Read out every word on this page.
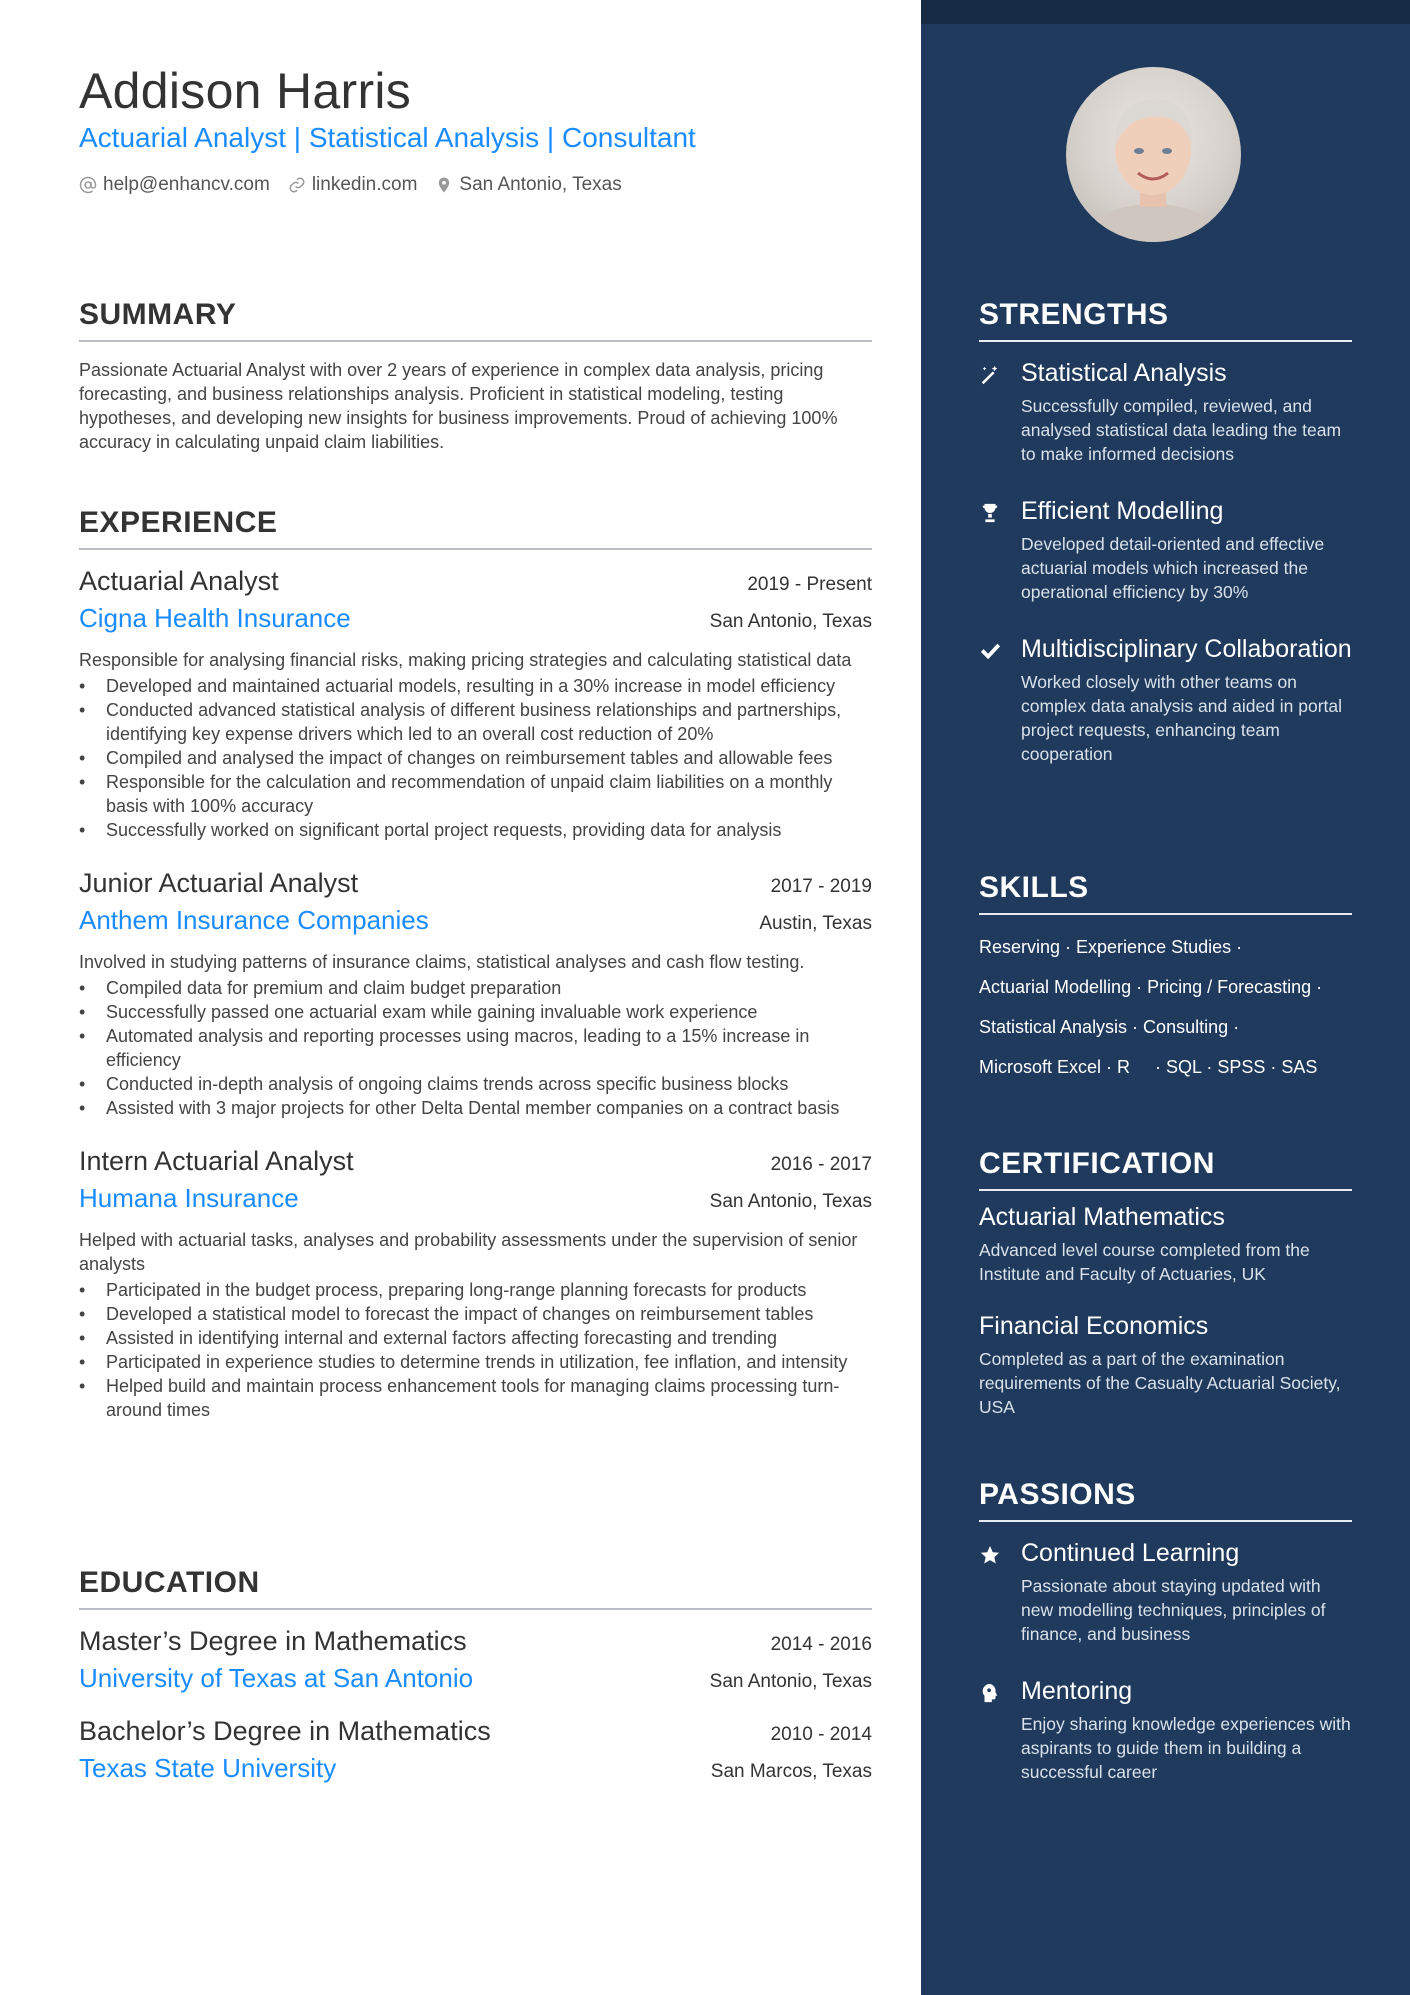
Addison Harris
Actuarial Analyst | Statistical Analysis | Consultant
help@enhancv.com linkedin.com San Antonio, Texas
SUMMARY

Passionate Actuarial Analyst with over 2 years of experience in complex data analysis, pricing forecasting, and business relationships analysis. Proficient in statistical modeling, testing hypotheses, and developing new insights for business improvements. Proud of achieving 100% accuracy in calculating unpaid claim liabilities.

EXPERIENCE
Actuarial Analyst	2019 - Present
Cigna Health Insurance	San Antonio, Texas

Responsible for analysing financial risks, making pricing strategies and calculating statistical data

• Developed and maintained actuarial models, resulting in a 30% increase in model efficiency
• Conducted advanced statistical analysis of different business relationships and partnerships, identifying key expense drivers which led to an overall cost reduction of 20%
• Compiled and analysed the impact of changes on reimbursement tables and allowable fees
• Responsible for the calculation and recommendation of unpaid claim liabilities on a monthly basis with 100% accuracy
• Successfully worked on significant portal project requests, providing data for analysis
Junior Actuarial Analyst	2017 - 2019
Anthem Insurance Companies	Austin, Texas

Involved in studying patterns of insurance claims, statistical analyses and cash flow testing.

• Compiled data for premium and claim budget preparation
• Successfully passed one actuarial exam while gaining invaluable work experience
• Automated analysis and reporting processes using macros, leading to a 15% increase in efficiency
• Conducted in-depth analysis of ongoing claims trends across specific business blocks
• Assisted with 3 major projects for other Delta Dental member companies on a contract basis
Intern Actuarial Analyst	2016 - 2017
Humana Insurance	San Antonio, Texas

Helped with actuarial tasks, analyses and probability assessments under the supervision of senior analysts

• Participated in the budget process, preparing long-range planning forecasts for products
• Developed a statistical model to forecast the impact of changes on reimbursement tables
• Assisted in identifying internal and external factors affecting forecasting and trending
• Participated in experience studies to determine trends in utilization, fee inflation, and intensity
• Helped build and maintain process enhancement tools for managing claims processing turn-around times
EDUCATION
Master’s Degree in Mathematics	2014 - 2016
University of Texas at San Antonio	San Antonio, Texas
Bachelor’s Degree in Mathematics	2010 - 2014
Texas State University	San Marcos, Texas
STRENGTHS
Statistical Analysis
Successfully compiled, reviewed, and analysed statistical data leading the team to make informed decisions
Efficient Modelling
Developed detail-oriented and effective actuarial models which increased the operational efficiency by 30%
Multidisciplinary Collaboration
Worked closely with other teams on complex data analysis and aided in portal project requests, enhancing team cooperation
SKILLS
Reserving · Experience Studies ·
Actuarial Modelling · Pricing / Forecasting ·
Statistical Analysis · Consulting ·
Microsoft Excel · R     · SQL · SPSS · SAS
CERTIFICATION
Actuarial Mathematics
Advanced level course completed from the Institute and Faculty of Actuaries, UK
Financial Economics
Completed as a part of the examination requirements of the Casualty Actuarial Society, USA
PASSIONS
Continued Learning
Passionate about staying updated with new modelling techniques, principles of finance, and business
Mentoring
Enjoy sharing knowledge experiences with aspirants to guide them in building a successful career
